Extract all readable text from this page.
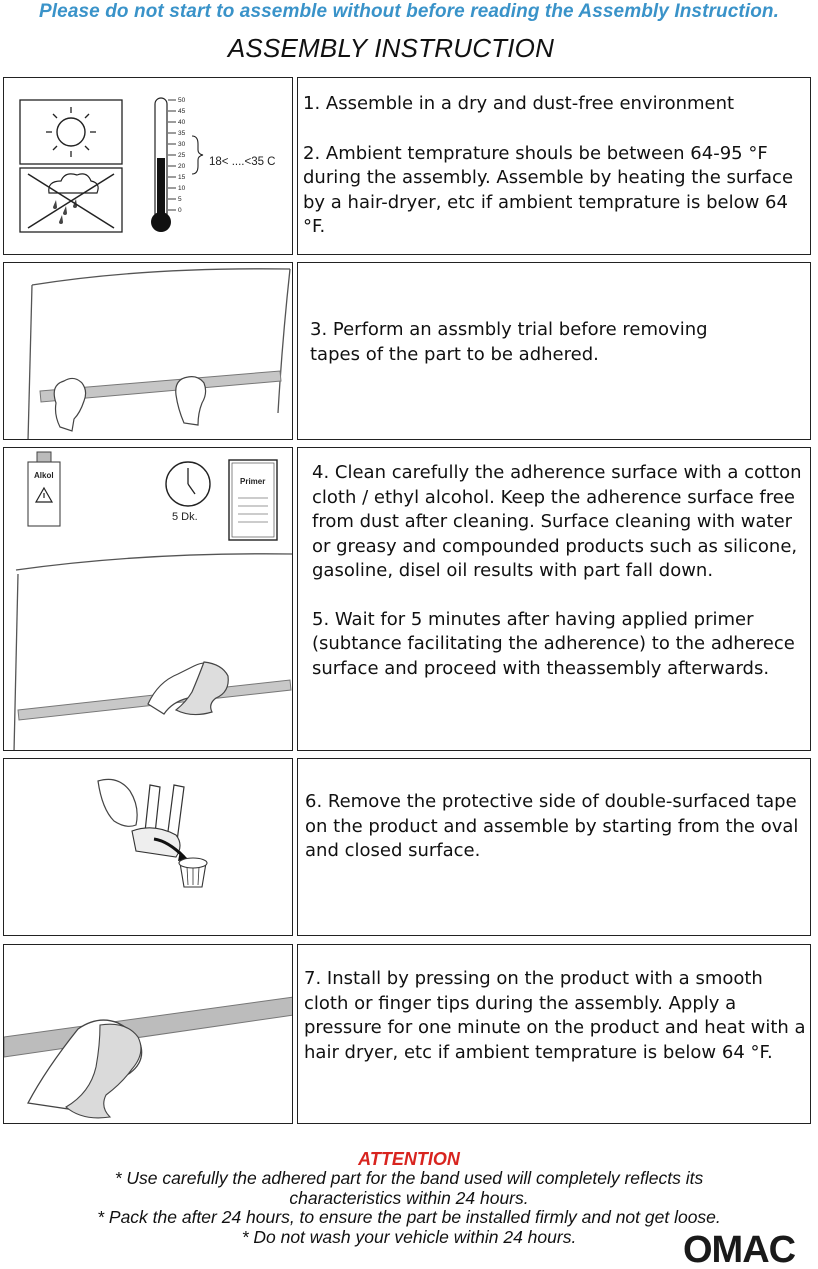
Please do not start to assemble without before reading the Assembly Instruction.
ASSEMBLY INSTRUCTION
50
45
40
35
30
25
20
15
10
5
0
18< ....<35 C

1. Assemble in a dry and dust-free environment

2. Ambient temprature shouls be between 64-95 °F during the assembly. Assemble by heating the surface by a hair-dryer, etc if ambient temprature is below 64 °F.

3. Perform an assmbly trial before removing tapes of the part to be adhered.

Alkol
5 Dk.
Primer	4. Clean carefully the adherence surface with a cotton cloth / ethyl alcohol. Keep the adherence surface free from dust after cleaning. Surface cleaning with water or greasy and compounded products such as silicone, gasoline, disel oil results with part fall down.

5. Wait for 5 minutes after having applied primer (subtance facilitating the adherence) to the adherece surface and proceed with theassembly afterwards.

6. Remove the protective side of double-surfaced tape on the product and assemble by starting from the oval and closed surface.

7. Install by pressing on the product with a smooth cloth or finger tips during the assembly. Apply a pressure for one minute on the product and heat with a hair dryer, etc if ambient temprature is below 64 °F.

ATTENTION
* Use carefully the adhered part for the band used will completely reflects its
characteristics within 24 hours.
* Pack the after 24 hours, to ensure the part be installed firmly and not get loose.
* Do not wash your vehicle within 24 hours.	OMAC
